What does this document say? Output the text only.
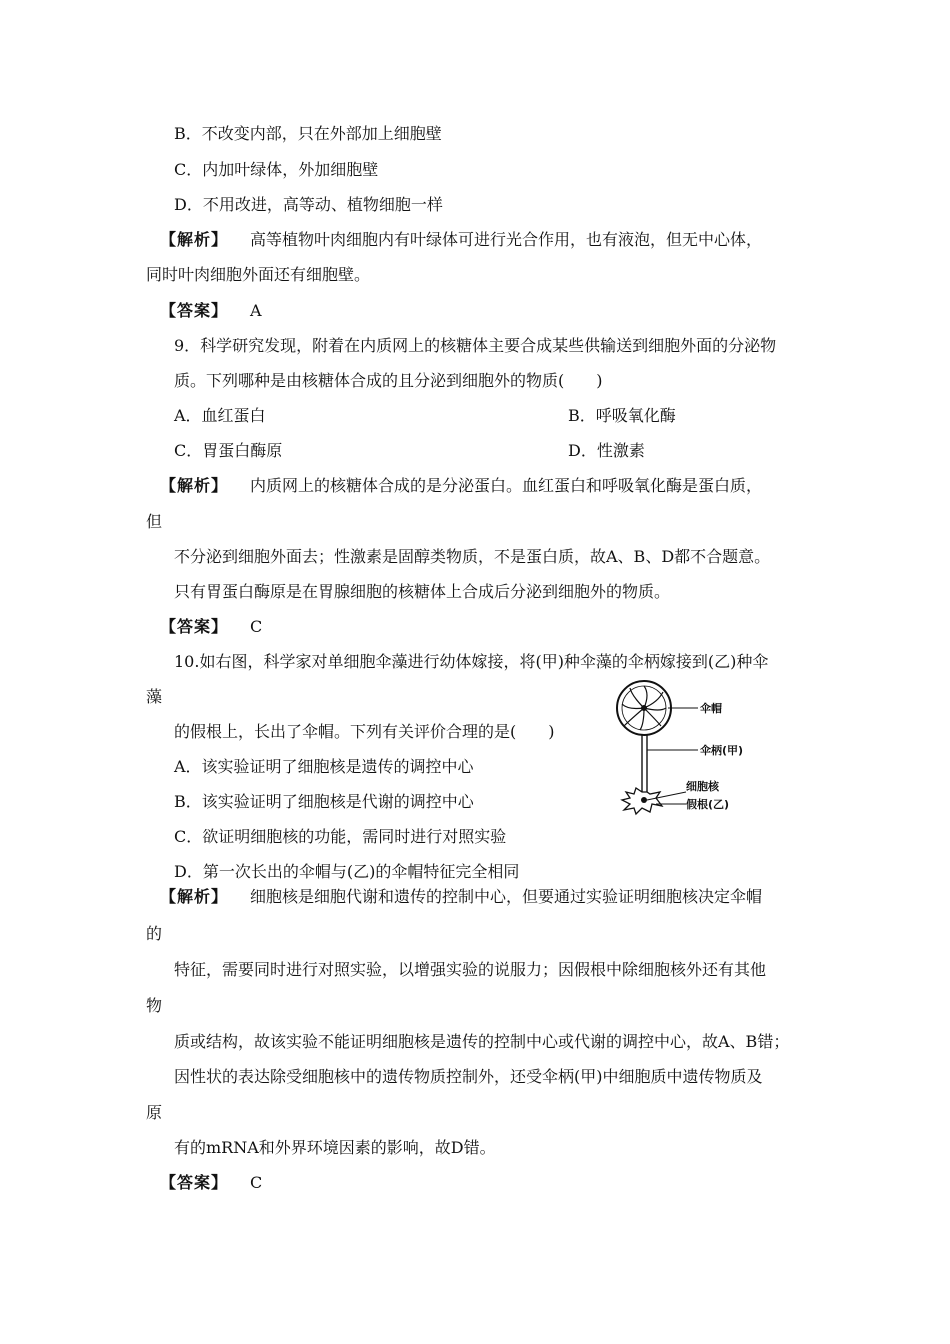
B．不改变内部，只在外部加上细胞壁
C．内加叶绿体，外加细胞壁
D．不用改进，高等动、植物细胞一样
【解析】 高等植物叶肉细胞内有叶绿体可进行光合作用，也有液泡，但无中心体，
同时叶肉细胞外面还有细胞壁。
【答案】 A
9．科学研究发现，附着在内质网上的核糖体主要合成某些供输送到细胞外面的分泌物
质。下列哪种是由核糖体合成的且分泌到细胞外的物质(　　)
A．血红蛋白	B．呼吸氧化酶
C．胃蛋白酶原	D．性激素
【解析】 内质网上的核糖体合成的是分泌蛋白。血红蛋白和呼吸氧化酶是蛋白质，
但
不分泌到细胞外面去；性激素是固醇类物质，不是蛋白质，故A、B、D都不合题意。
只有胃蛋白酶原是在胃腺细胞的核糖体上合成后分泌到细胞外的物质。
【答案】 C
10.如右图，科学家对单细胞伞藻进行幼体嫁接，将(甲)种伞藻的伞柄嫁接到(乙)种伞
藻
的假根上，长出了伞帽。下列有关评价合理的是(　　)
A．该实验证明了细胞核是遗传的调控中心
B．该实验证明了细胞核是代谢的调控中心
C．欲证明细胞核的功能，需同时进行对照实验
D．第一次长出的伞帽与(乙)的伞帽特征完全相同
伞帽
伞柄(甲)
细胞核
假根(乙)
【解析】 细胞核是细胞代谢和遗传的控制中心，但要通过实验证明细胞核决定伞帽
的
特征，需要同时进行对照实验，以增强实验的说服力；因假根中除细胞核外还有其他
物
质或结构，故该实验不能证明细胞核是遗传的控制中心或代谢的调控中心，故A、B错；
因性状的表达除受细胞核中的遗传物质控制外，还受伞柄(甲)中细胞质中遗传物质及
原
有的mRNA和外界环境因素的影响，故D错。
【答案】 C
